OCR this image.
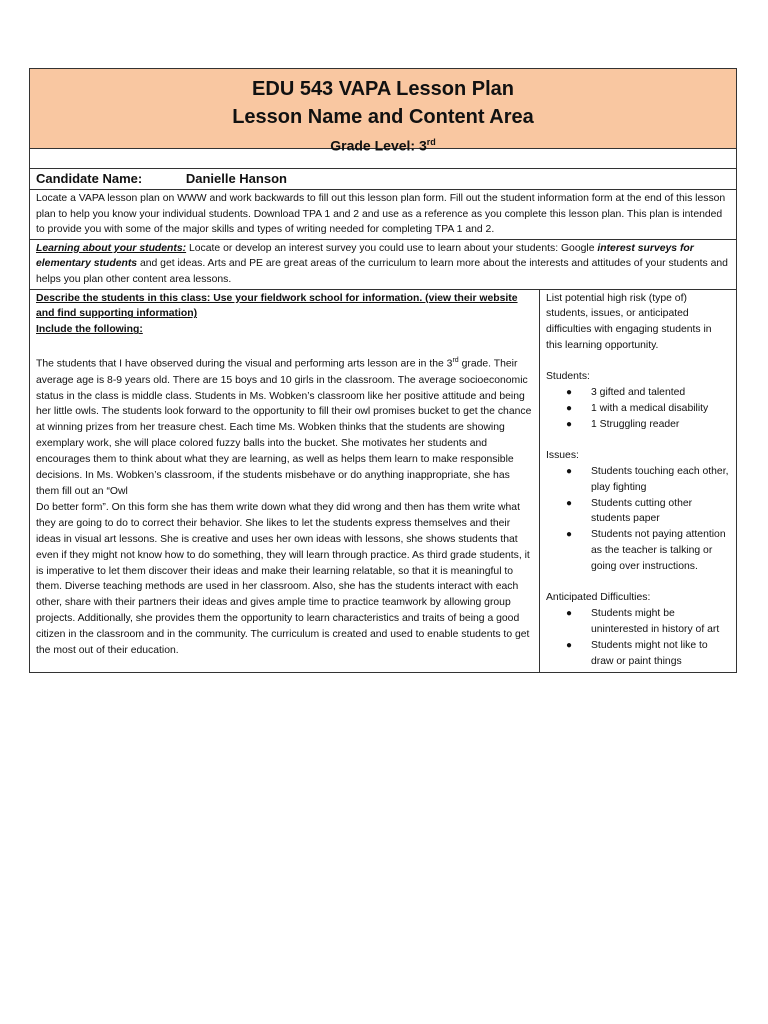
EDU 543 VAPA Lesson Plan
Lesson Name and Content Area
Grade Level: 3rd
Candidate Name:	Danielle Hanson
Locate a VAPA lesson plan on WWW and work backwards to fill out this lesson plan form. Fill out the student information form at the end of this lesson plan to help you know your individual students. Download TPA 1 and 2 and use as a reference as you complete this lesson plan. This plan is intended to provide you with some of the major skills and types of writing needed for completing TPA 1 and 2.
Learning about your students: Locate or develop an interest survey you could use to learn about your students: Google interest surveys for elementary students and get ideas. Arts and PE are great areas of the curriculum to learn more about the interests and attitudes of your students and helps you plan other content area lessons.
Describe the students in this class: Use your fieldwork school for information. (view their website and find supporting information)
Include the following:
The students that I have observed during the visual and performing arts lesson are in the 3rd grade. Their average age is 8-9 years old. There are 15 boys and 10 girls in the classroom. The average socioeconomic status in the class is middle class. Students in Ms. Wobken’s classroom like her positive attitude and being her little owls. The students look forward to the opportunity to fill their owl promises bucket to get the chance at winning prizes from her treasure chest. Each time Ms. Wobken thinks that the students are showing exemplary work, she will place colored fuzzy balls into the bucket. She motivates her students and encourages them to think about what they are learning, as well as helps them learn to make responsible decisions. In Ms. Wobken’s classroom, if the students misbehave or do anything inappropriate, she has them fill out an “Owl
Do better form”. On this form she has them write down what they did wrong and then has them write what they are going to do to correct their behavior. She likes to let the students express themselves and their ideas in visual art lessons. She is creative and uses her own ideas with lessons, she shows students that even if they might not know how to do something, they will learn through practice. As third grade students, it is imperative to let them discover their ideas and make their learning relatable, so that it is meaningful to them. Diverse teaching methods are used in her classroom. Also, she has the students interact with each other, share with their partners their ideas and gives ample time to practice teamwork by allowing group projects. Additionally, she provides them the opportunity to learn characteristics and traits of being a good citizen in the classroom and in the community. The curriculum is created and used to enable students to get the most out of their education.
List potential high risk (type of) students, issues, or anticipated difficulties with engaging students in this learning opportunity.
Students:
● 3 gifted and talented
● 1 with a medical disability
● 1 Struggling reader
Issues:
● Students touching each other, play fighting
● Students cutting other students paper
● Students not paying attention as the teacher is talking or going over instructions.
Anticipated Difficulties:
● Students might be uninterested in history of art
● Students might not like to draw or paint things
